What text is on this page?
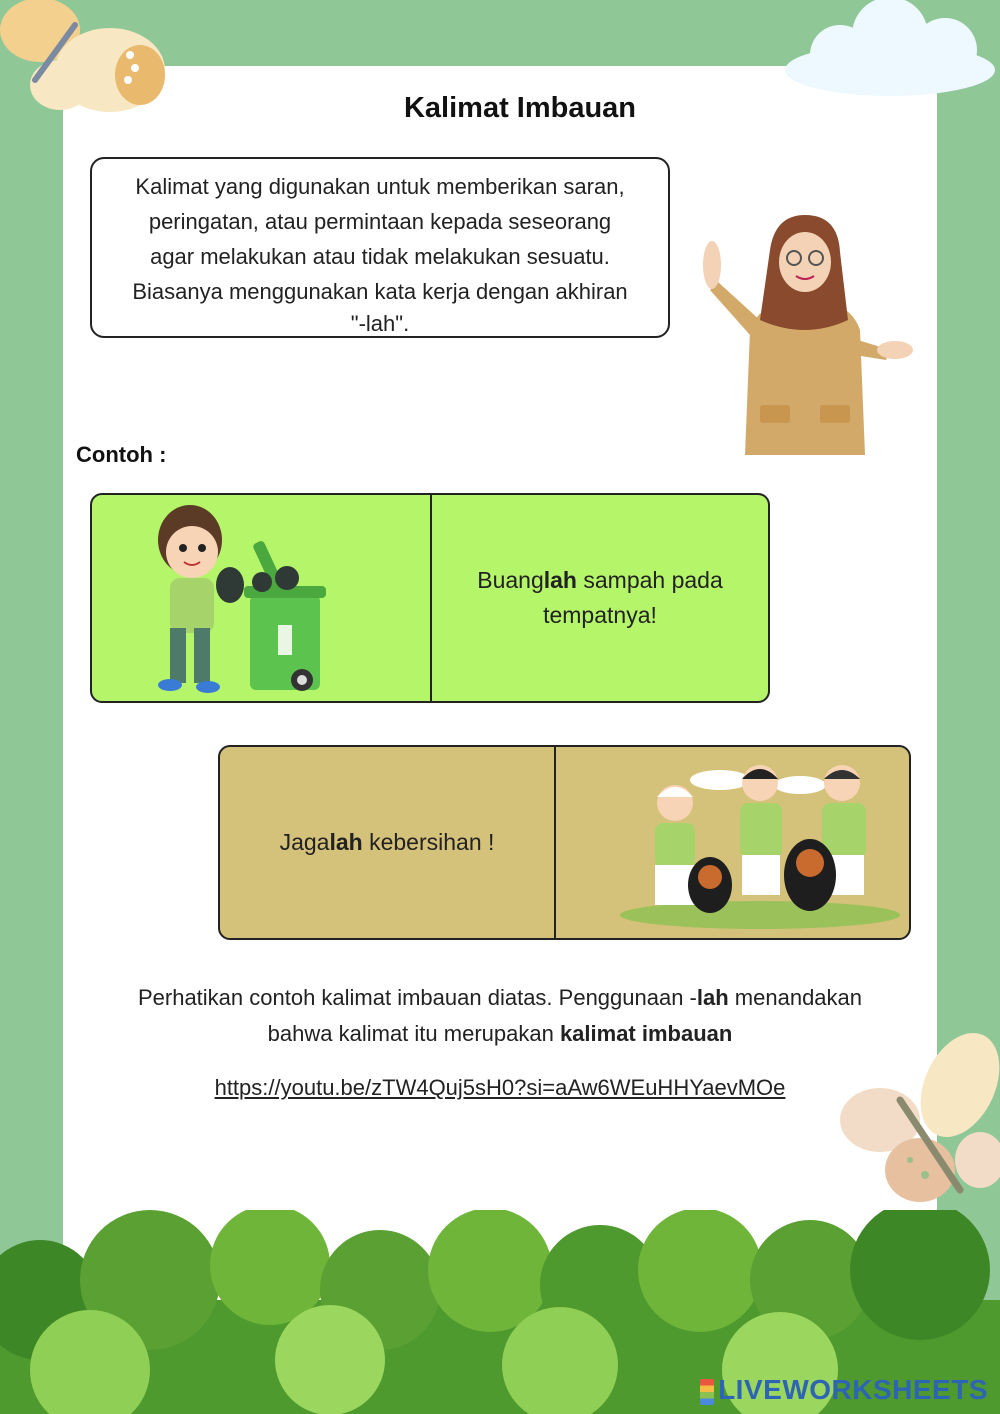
Kalimat Imbauan
Kalimat yang digunakan untuk memberikan saran,
peringatan, atau permintaan kepada seseorang
agar melakukan atau tidak melakukan sesuatu.
Biasanya menggunakan kata kerja dengan akhiran
"-lah".
Contoh :
Buanglah sampah pada
tempatnya!
Jagalah kebersihan !
Perhatikan contoh kalimat imbauan diatas. Penggunaan -lah menandakan
bahwa kalimat itu merupakan kalimat imbauan
https://youtu.be/zTW4Quj5sH0?si=aAw6WEuHHYaevMOe
LIVEWORKSHEETS
